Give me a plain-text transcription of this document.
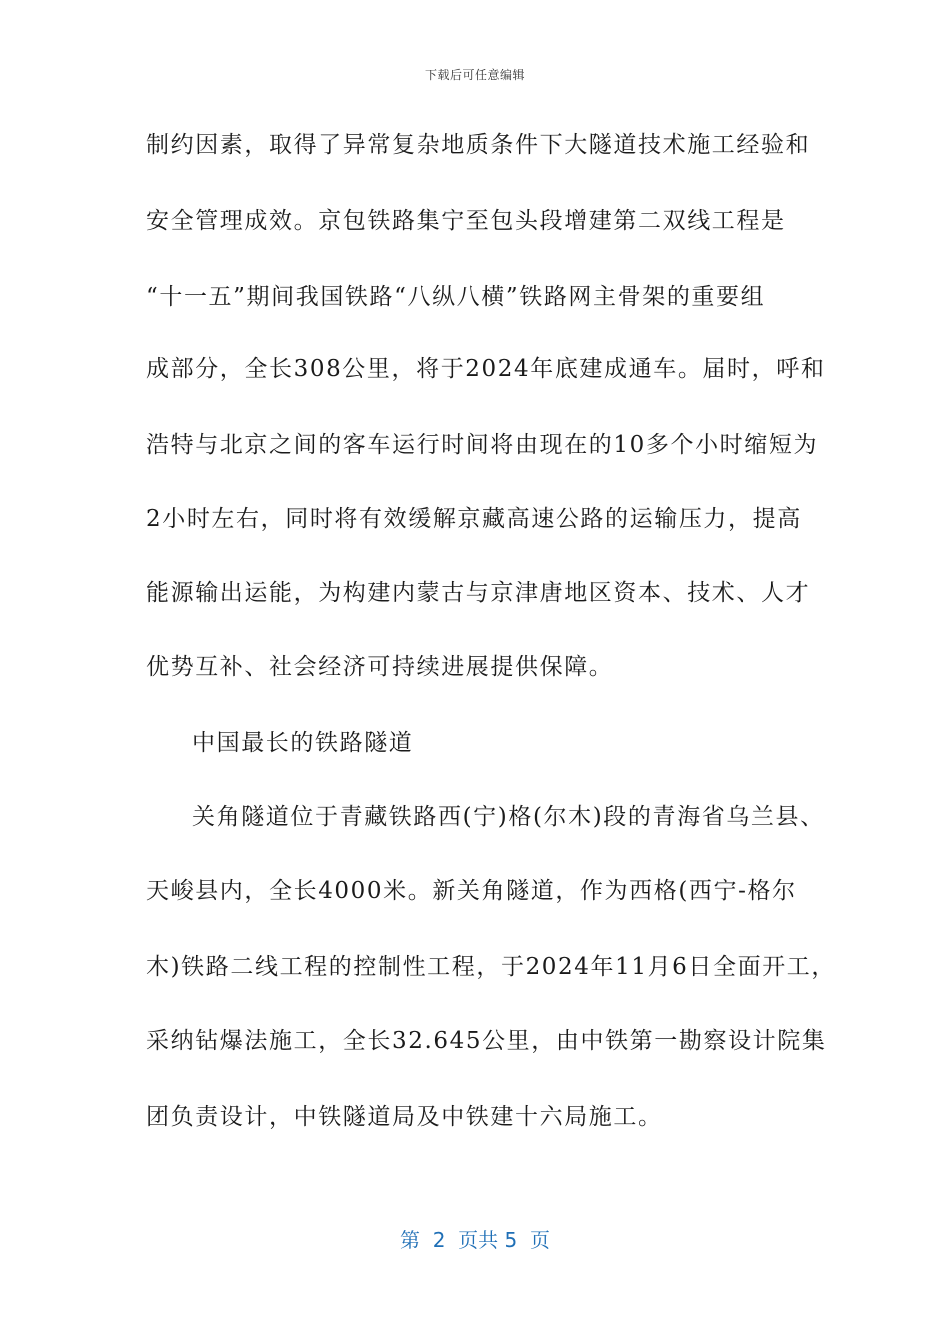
下载后可任意编辑
制约因素，取得了异常复杂地质条件下大隧道技术施工经验和
安全管理成效。京包铁路集宁至包头段增建第二双线工程是
“十一五”期间我国铁路“八纵八横”铁路网主骨架的重要组
成部分，全长308公里，将于2024年底建成通车。届时，呼和
浩特与北京之间的客车运行时间将由现在的10多个小时缩短为
2小时左右，同时将有效缓解京藏高速公路的运输压力，提高
能源输出运能，为构建内蒙古与京津唐地区资本、技术、人才
优势互补、社会经济可持续进展提供保障。
中国最长的铁路隧道
关角隧道位于青藏铁路西(宁)格(尔木)段的青海省乌兰县、
天峻县内，全长4000米。新关角隧道，作为西格(西宁-格尔
木)铁路二线工程的控制性工程，于2024年11月6日全面开工，
采纳钻爆法施工，全长32.645公里，由中铁第一勘察设计院集
团负责设计，中铁隧道局及中铁建十六局施工。
第  2  页共 5  页
